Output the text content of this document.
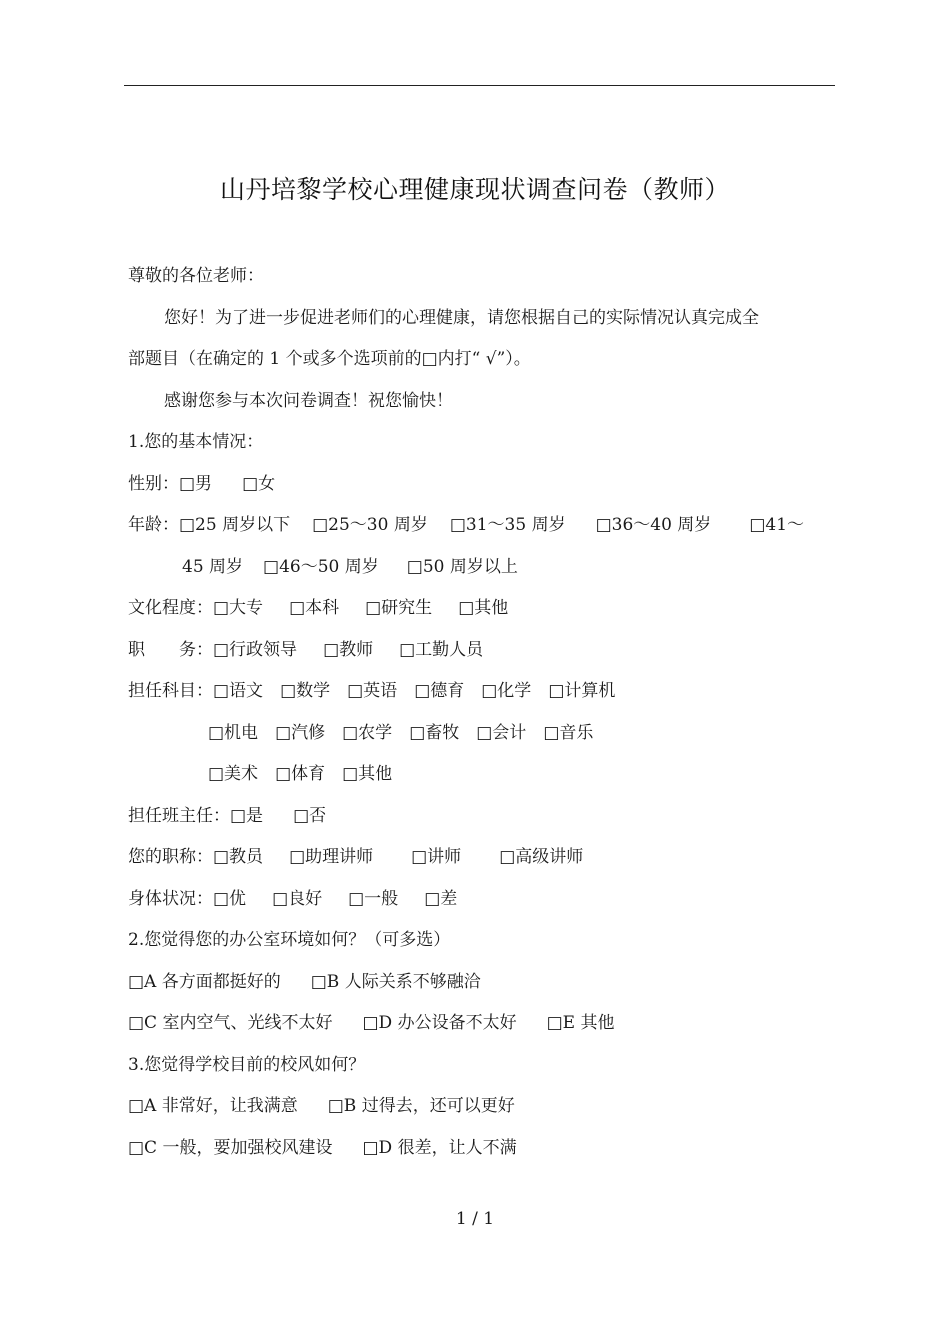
山丹培黎学校心理健康现状调查问卷（教师）
尊敬的各位老师：
您好！为了进一步促进老师们的心理健康，请您根据自己的实际情况认真完成全
部题目（在确定的 1 个或多个选项前的□内打“ √”）。
感谢您参与本次问卷调查！祝您愉快！
1.您的基本情况：
性别：□男 □女
年龄：□25 周岁以下 □25～30 周岁 □31～35 周岁 □36～40 周岁 □41～
45 周岁 □46～50 周岁 □50 周岁以上
文化程度：□大专 □本科 □研究生 □其他
职　　务：□行政领导 □教师 □工勤人员
担任科目：□语文 □数学 □英语 □德育 □化学 □计算机
□机电 □汽修 □农学 □畜牧 □会计 □音乐
□美术 □体育 □其他
担任班主任：□是 □否
您的职称：□教员 □助理讲师 □讲师 □高级讲师
身体状况：□优 □良好 □一般 □差
2.您觉得您的办公室环境如何？（可多选）
□A 各方面都挺好的 □B 人际关系不够融洽
□C 室内空气、光线不太好 □D 办公设备不太好 □E 其他
3.您觉得学校目前的校风如何？
□A 非常好，让我满意 □B 过得去，还可以更好
□C 一般，要加强校风建设 □D 很差，让人不满
1 / 1
